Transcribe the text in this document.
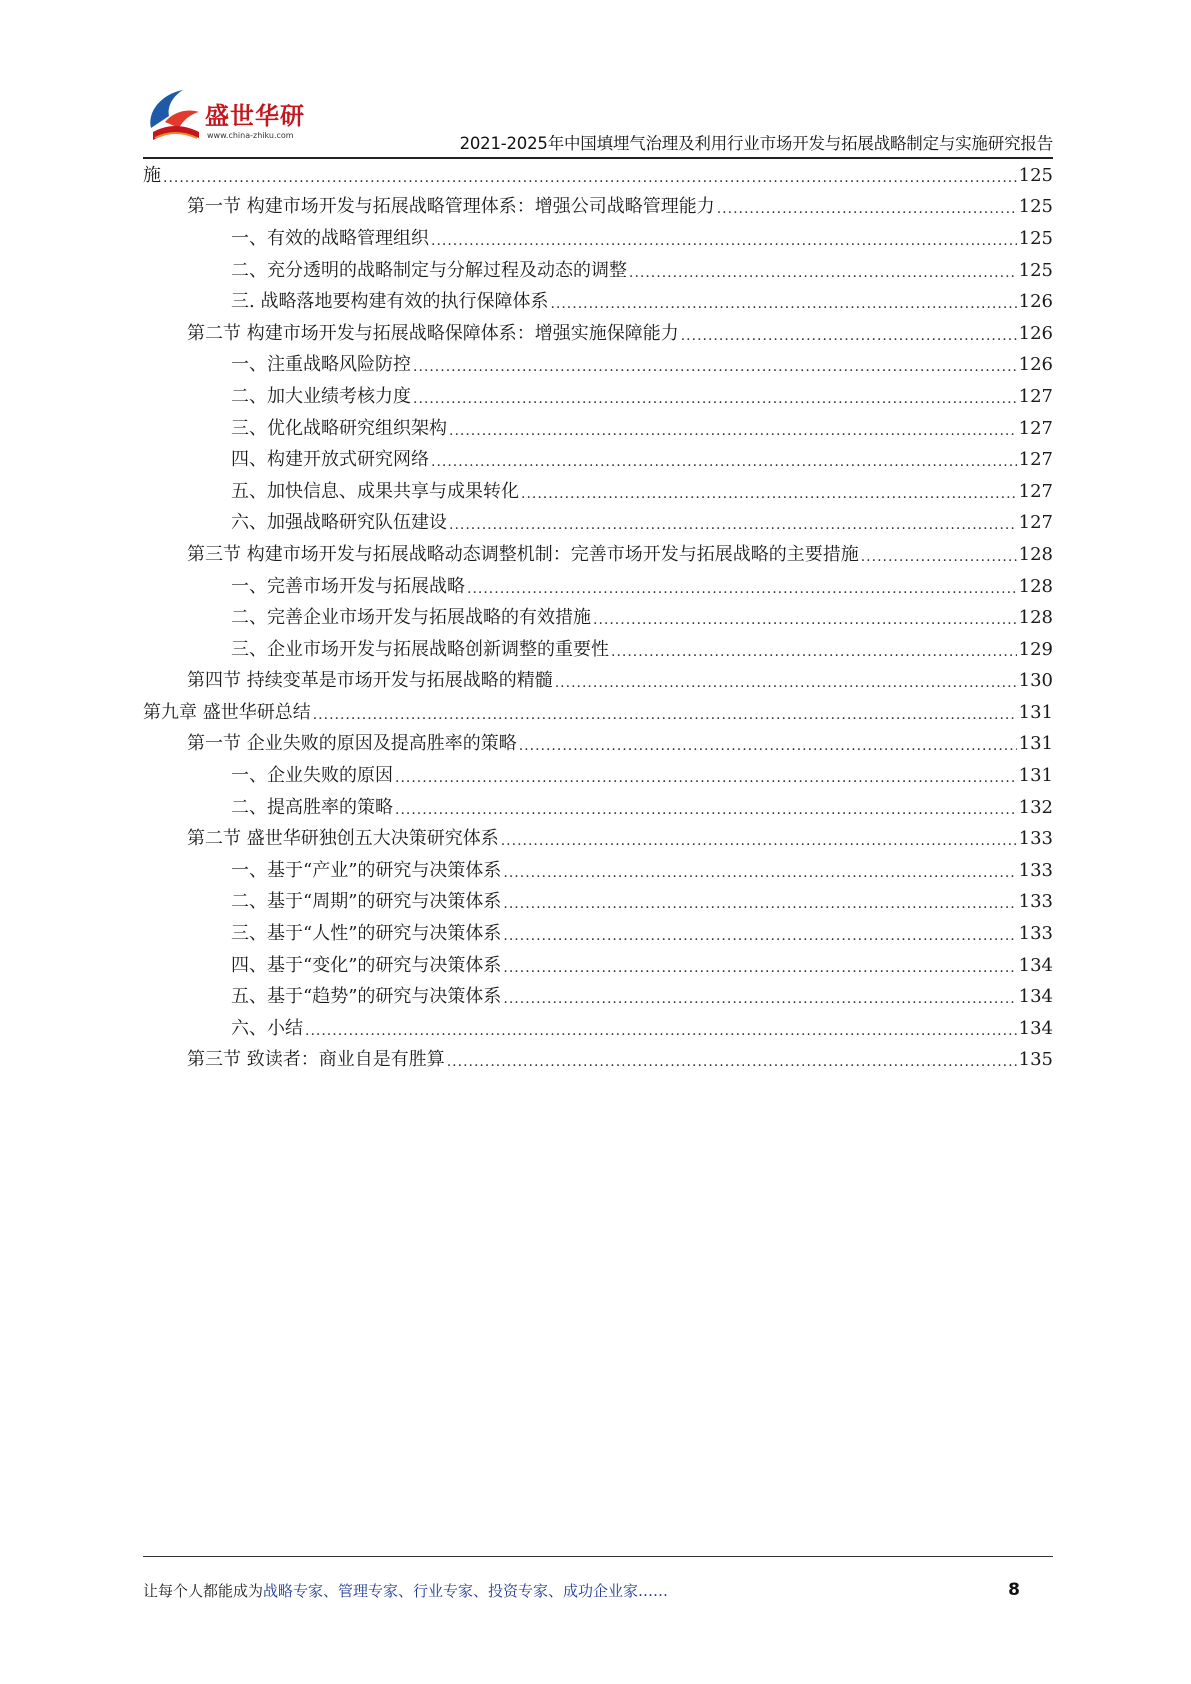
盛世华研
www.china-zhiku.com	2021-2025年中国填埋气治理及利用行业市场开发与拓展战略制定与实施研究报告
施 .....	125
第一节 构建市场开发与拓展战略管理体系：增强公司战略管理能力 .....	125
一、有效的战略管理组织 .....	125
二、充分透明的战略制定与分解过程及动态的调整 .....	125
三. 战略落地要构建有效的执行保障体系 .....	126
第二节 构建市场开发与拓展战略保障体系：增强实施保障能力 .....	126
一、注重战略风险防控 .....	126
二、加大业绩考核力度 .....	127
三、优化战略研究组织架构 .....	127
四、构建开放式研究网络 .....	127
五、加快信息、成果共享与成果转化 .....	127
六、加强战略研究队伍建设 .....	127
第三节 构建市场开发与拓展战略动态调整机制：完善市场开发与拓展战略的主要措施 .....	128
一、完善市场开发与拓展战略 .....	128
二、完善企业市场开发与拓展战略的有效措施 .....	128
三、企业市场开发与拓展战略创新调整的重要性 .....	129
第四节 持续变革是市场开发与拓展战略的精髓 .....	130
第九章 盛世华研总结 .....	131
第一节 企业失败的原因及提高胜率的策略 .....	131
一、企业失败的原因 .....	131
二、提高胜率的策略 .....	132
第二节 盛世华研独创五大决策研究体系 .....	133
一、基于“产业”的研究与决策体系 .....	133
二、基于“周期”的研究与决策体系 .....	133
三、基于“人性”的研究与决策体系 .....	133
四、基于“变化”的研究与决策体系 .....	134
五、基于“趋势”的研究与决策体系 .....	134
六、小结 .....	134
第三节 致读者：商业自是有胜算 .....	135
让每个人都能成为战略专家、管理专家、行业专家、投资专家、成功企业家……	8
